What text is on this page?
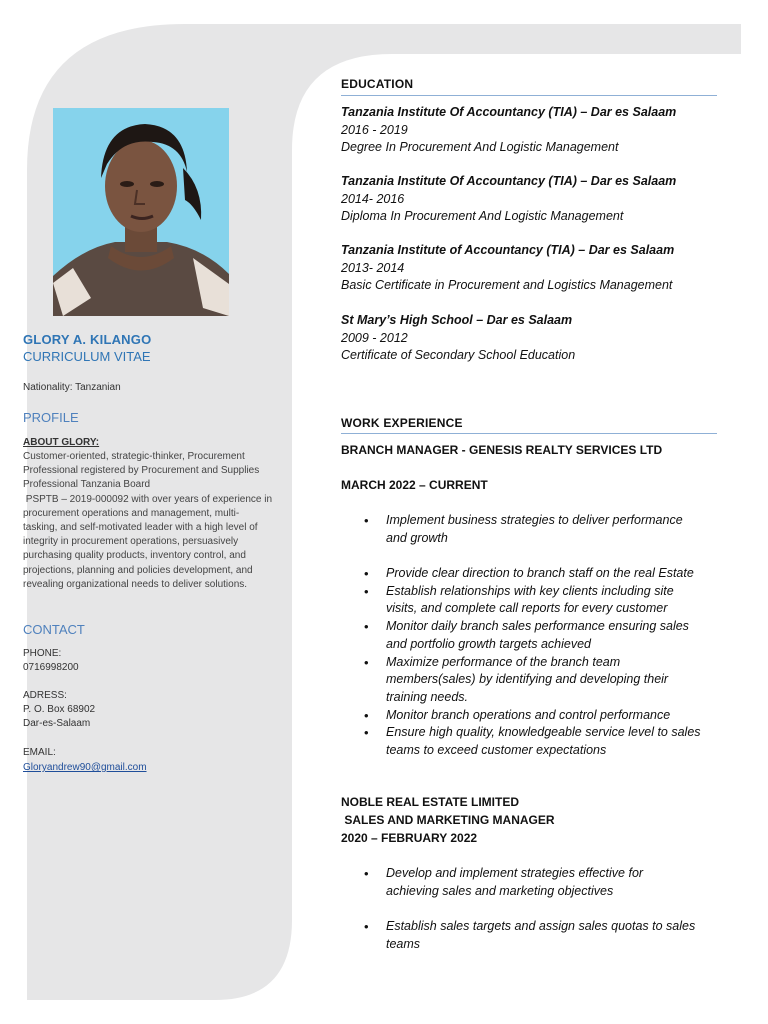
GLORY A. KILANGO
CURRICULUM VITAE
Nationality: Tanzanian
PROFILE
ABOUT GLORY:
Customer-oriented, strategic-thinker, Procurement
Professional registered by Procurement and Supplies
Professional Tanzania Board
PSPTB – 2019-000092 with over years of experience in
procurement operations and management, multi-
tasking, and self-motivated leader with a high level of
integrity in procurement operations, persuasively
purchasing quality products, inventory control, and
projections, planning and policies development, and
revealing organizational needs to deliver solutions.
CONTACT
PHONE:
0716998200
ADRESS:
P. O. Box 68902
Dar-es-Salaam
EMAIL:
Gloryandrew90@gmail.com
EDUCATION
Tanzania Institute Of Accountancy (TIA) – Dar es Salaam
2016 - 2019
Degree In Procurement And Logistic Management
Tanzania Institute Of Accountancy (TIA) – Dar es Salaam
2014- 2016
Diploma In Procurement And Logistic Management
Tanzania Institute of Accountancy (TIA) – Dar es Salaam
2013- 2014
Basic Certificate in Procurement and Logistics Management
St Mary’s High School – Dar es Salaam
2009 - 2012
Certificate of Secondary School Education
WORK EXPERIENCE
BRANCH MANAGER - GENESIS REALTY SERVICES LTD
MARCH 2022 – CURRENT
• Implement business strategies to deliver performance
and growth
• Provide clear direction to branch staff on the real Estate
• Establish relationships with key clients including site
visits, and complete call reports for every customer
• Monitor daily branch sales performance ensuring sales
and portfolio growth targets achieved
• Maximize performance of the branch team
members(sales) by identifying and developing their
training needs.
• Monitor branch operations and control performance
• Ensure high quality, knowledgeable service level to sales
teams to exceed customer expectations
NOBLE REAL ESTATE LIMITED
SALES AND MARKETING MANAGER
2020 – FEBRUARY 2022
• Develop and implement strategies effective for
achieving sales and marketing objectives
• Establish sales targets and assign sales quotas to sales
teams
